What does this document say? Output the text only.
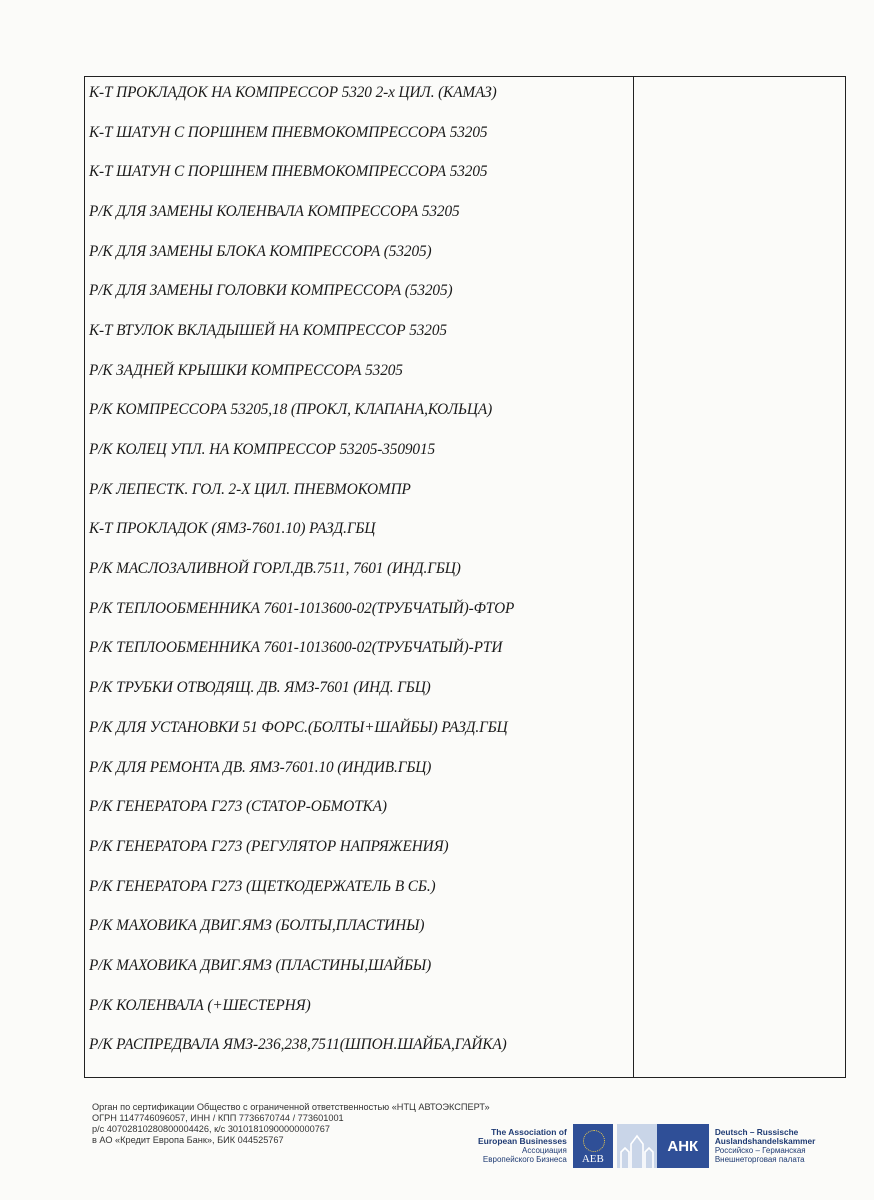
К-Т ПРОКЛАДОК НА КОМПРЕССОР 5320 2-х ЦИЛ. (КАМАЗ)
К-Т ШАТУН С ПОРШНЕМ ПНЕВМОКОМПРЕССОРА 53205
К-Т ШАТУН С ПОРШНЕМ ПНЕВМОКОМПРЕССОРА 53205
Р/К ДЛЯ ЗАМЕНЫ КОЛЕНВАЛА КОМПРЕССОРА 53205
Р/К ДЛЯ ЗАМЕНЫ БЛОКА КОМПРЕССОРА (53205)
Р/К ДЛЯ ЗАМЕНЫ ГОЛОВКИ КОМПРЕССОРА (53205)
К-Т ВТУЛОК ВКЛАДЫШЕЙ НА КОМПРЕССОР 53205
Р/К ЗАДНЕЙ КРЫШКИ КОМПРЕССОРА 53205
Р/К КОМПРЕССОРА 53205,18 (ПРОКЛ, КЛАПАНА,КОЛЬЦА)
Р/К КОЛЕЦ УПЛ. НА КОМПРЕССОР 53205-3509015
Р/К ЛЕПЕСТК. ГОЛ. 2-Х ЦИЛ. ПНЕВМОКОМПР
К-Т ПРОКЛАДОК (ЯМЗ-7601.10) РАЗД.ГБЦ
Р/К МАСЛОЗАЛИВНОЙ ГОРЛ.ДВ.7511, 7601 (ИНД.ГБЦ)
Р/К ТЕПЛООБМЕННИКА 7601-1013600-02(ТРУБЧАТЫЙ)-ФТОР
Р/К ТЕПЛООБМЕННИКА 7601-1013600-02(ТРУБЧАТЫЙ)-РТИ
Р/К ТРУБКИ ОТВОДЯЩ. ДВ. ЯМЗ-7601 (ИНД. ГБЦ)
Р/К ДЛЯ УСТАНОВКИ 51 ФОРС.(БОЛТЫ+ШАЙБЫ) РАЗД.ГБЦ
Р/К ДЛЯ РЕМОНТА ДВ. ЯМЗ-7601.10 (ИНДИВ.ГБЦ)
Р/К ГЕНЕРАТОРА Г273 (СТАТОР-ОБМОТКА)
Р/К ГЕНЕРАТОРА Г273 (РЕГУЛЯТОР НАПРЯЖЕНИЯ)
Р/К ГЕНЕРАТОРА Г273 (ЩЕТКОДЕРЖАТЕЛЬ В СБ.)
Р/К МАХОВИКА ДВИГ.ЯМЗ (БОЛТЫ,ПЛАСТИНЫ)
Р/К МАХОВИКА ДВИГ.ЯМЗ (ПЛАСТИНЫ,ШАЙБЫ)
Р/К КОЛЕНВАЛА (+ШЕСТЕРНЯ)
Р/К РАСПРЕДВАЛА ЯМЗ-236,238,7511(ШПОН.ШАЙБА,ГАЙКА)
Орган по сертификации Общество с ограниченной ответственностью «НТЦ АВТОЭКСПЕРТ»
ОГРН 1147746096057, ИНН / КПП 7736670744 / 773601001
р/с 40702810280800004426, к/с 30101810900000000767
в АО «Кредит Европа Банк», БИК 044525767
The Association of
European Businesses
Ассоциация
Европейского Бизнеса AEB
АНК
Deutsch – Russische
Auslandshandelskammer
Российско – Германская
Внешнеторговая палата
